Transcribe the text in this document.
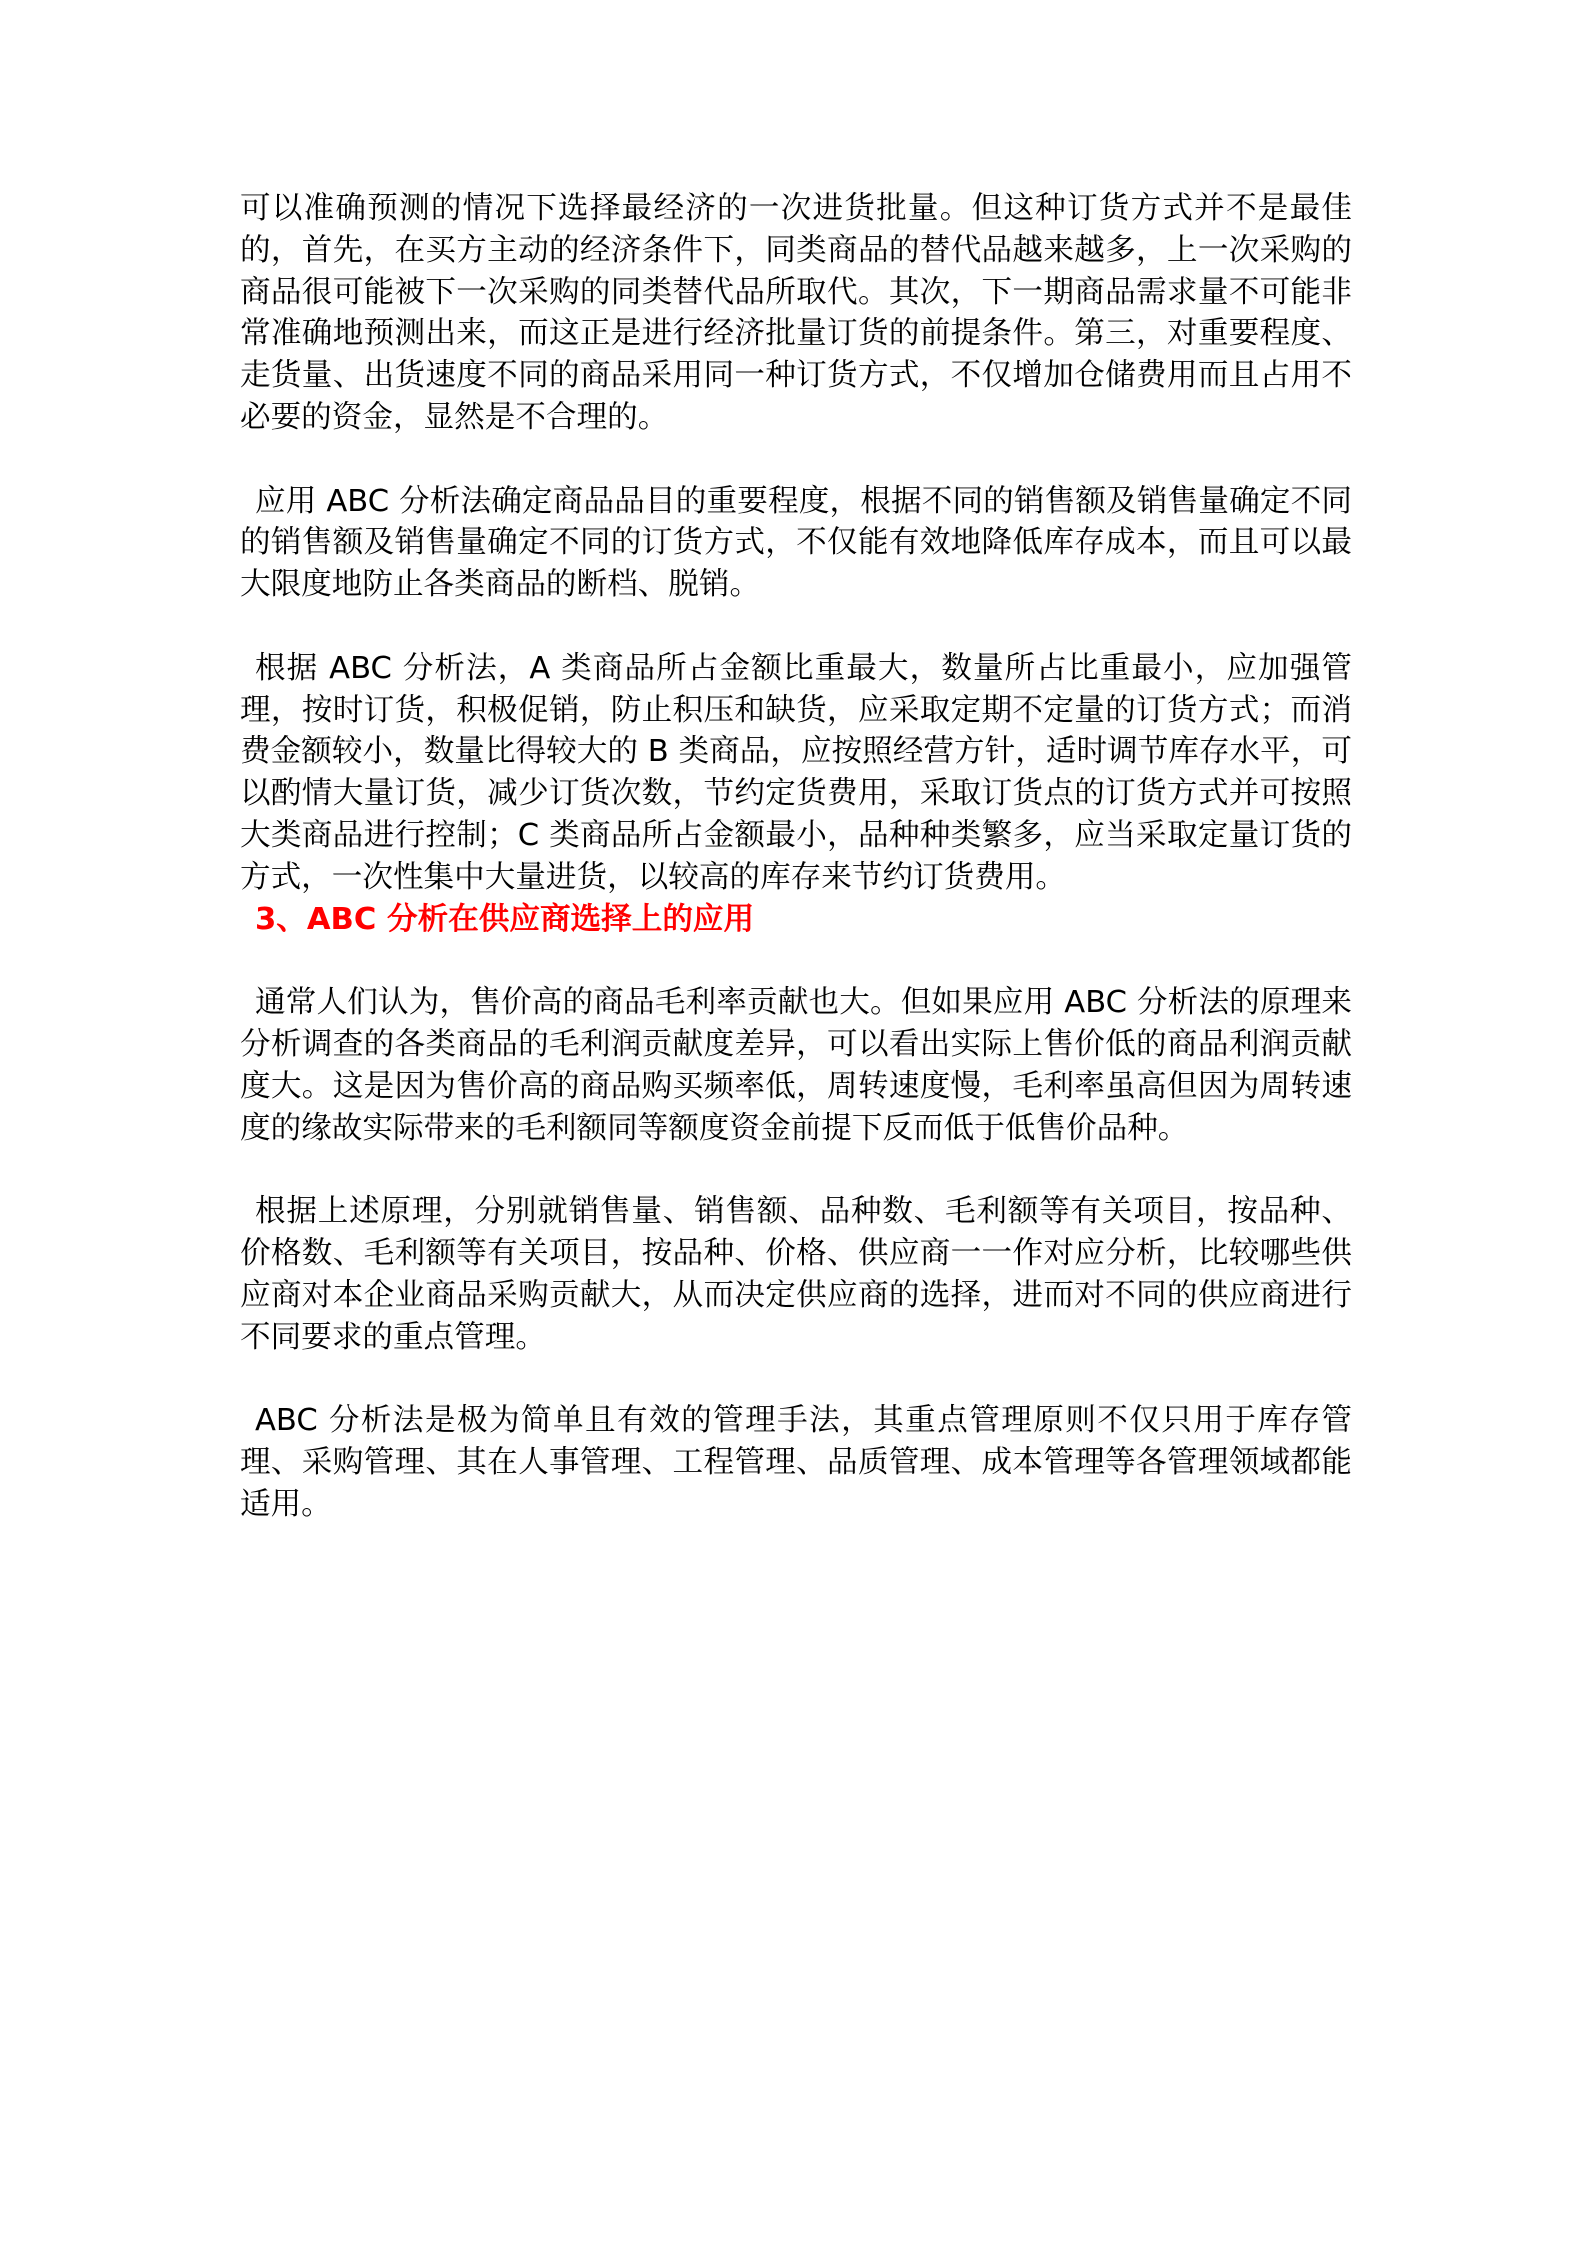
可以准确预测的情况下选择最经济的一次进货批量。但这种订货方式并不是最佳的，首先，在买方主动的经济条件下，同类商品的替代品越来越多，上一次采购的商品很可能被下一次采购的同类替代品所取代。其次，下一期商品需求量不可能非常准确地预测出来，而这正是进行经济批量订货的前提条件。第三，对重要程度、走货量、出货速度不同的商品采用同一种订货方式，不仅增加仓储费用而且占用不必要的资金，显然是不合理的。

应用 ABC 分析法确定商品品目的重要程度，根据不同的销售额及销售量确定不同的销售额及销售量确定不同的订货方式，不仅能有效地降低库存成本，而且可以最大限度地防止各类商品的断档、脱销。

根据 ABC 分析法，A 类商品所占金额比重最大，数量所占比重最小，应加强管理，按时订货，积极促销，防止积压和缺货，应采取定期不定量的订货方式；而消费金额较小，数量比得较大的 B 类商品，应按照经营方针，适时调节库存水平，可以酌情大量订货，减少订货次数，节约定货费用，采取订货点的订货方式并可按照大类商品进行控制；C 类商品所占金额最小，品种种类繁多，应当采取定量订货的方式，一次性集中大量进货，以较高的库存来节约订货费用。

3、ABC 分析在供应商选择上的应用

通常人们认为，售价高的商品毛利率贡献也大。但如果应用 ABC 分析法的原理来分析调查的各类商品的毛利润贡献度差异，可以看出实际上售价低的商品利润贡献度大。这是因为售价高的商品购买频率低，周转速度慢，毛利率虽高但因为周转速度的缘故实际带来的毛利额同等额度资金前提下反而低于低售价品种。

根据上述原理，分别就销售量、销售额、品种数、毛利额等有关项目，按品种、价格数、毛利额等有关项目，按品种、价格、供应商一一作对应分析，比较哪些供应商对本企业商品采购贡献大，从而决定供应商的选择，进而对不同的供应商进行不同要求的重点管理。

ABC 分析法是极为简单且有效的管理手法，其重点管理原则不仅只用于库存管理、采购管理、其在人事管理、工程管理、品质管理、成本管理等各管理领域都能适用。
